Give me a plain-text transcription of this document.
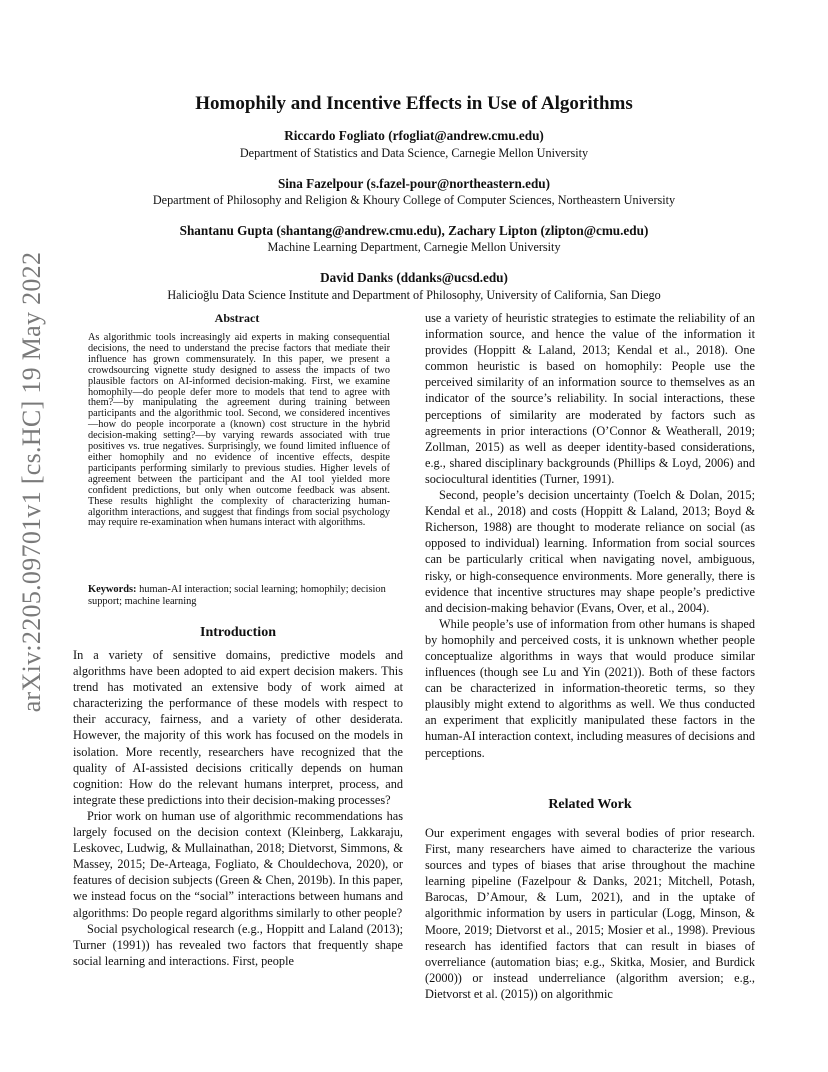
arXiv:2205.09701v1 [cs.HC] 19 May 2022
Homophily and Incentive Effects in Use of Algorithms
Riccardo Fogliato (rfogliat@andrew.cmu.edu)
Department of Statistics and Data Science, Carnegie Mellon University
Sina Fazelpour (s.fazel-pour@northeastern.edu)
Department of Philosophy and Religion & Khoury College of Computer Sciences, Northeastern University
Shantanu Gupta (shantang@andrew.cmu.edu), Zachary Lipton (zlipton@cmu.edu)
Machine Learning Department, Carnegie Mellon University
David Danks (ddanks@ucsd.edu)
Halicioğlu Data Science Institute and Department of Philosophy, University of California, San Diego
Abstract
As algorithmic tools increasingly aid experts in making consequential decisions, the need to understand the precise factors that mediate their influence has grown commensurately. In this paper, we present a crowdsourcing vignette study designed to assess the impacts of two plausible factors on AI-informed decision-making. First, we examine homophily—do people defer more to models that tend to agree with them?—by manipulating the agreement during training between participants and the algorithmic tool. Second, we considered incentives—how do people incorporate a (known) cost structure in the hybrid decision-making setting?—by varying rewards associated with true positives vs. true negatives. Surprisingly, we found limited influence of either homophily and no evidence of incentive effects, despite participants performing similarly to previous studies. Higher levels of agreement between the participant and the AI tool yielded more confident predictions, but only when outcome feedback was absent. These results highlight the complexity of characterizing human-algorithm interactions, and suggest that findings from social psychology may require re-examination when humans interact with algorithms.
Keywords: human-AI interaction; social learning; homophily; decision support; machine learning
Introduction

In a variety of sensitive domains, predictive models and algorithms have been adopted to aid expert decision makers. This trend has motivated an extensive body of work aimed at characterizing the performance of these models with respect to their accuracy, fairness, and a variety of other desiderata. However, the majority of this work has focused on the models in isolation. More recently, researchers have recognized that the quality of AI-assisted decisions critically depends on human cognition: How do the relevant humans interpret, process, and integrate these predictions into their decision-making processes?

Prior work on human use of algorithmic recommendations has largely focused on the decision context (Kleinberg, Lakkaraju, Leskovec, Ludwig, & Mullainathan, 2018; Dietvorst, Simmons, & Massey, 2015; De-Arteaga, Fogliato, & Chouldechova, 2020), or features of decision subjects (Green & Chen, 2019b). In this paper, we instead focus on the “social” interactions between humans and algorithms: Do people regard algorithms similarly to other people?

Social psychological research (e.g., Hoppitt and Laland (2013); Turner (1991)) has revealed two factors that frequently shape social learning and interactions. First, people

use a variety of heuristic strategies to estimate the reliability of an information source, and hence the value of the information it provides (Hoppitt & Laland, 2013; Kendal et al., 2018). One common heuristic is based on homophily: People use the perceived similarity of an information source to themselves as an indicator of the source’s reliability. In social interactions, these perceptions of similarity are moderated by factors such as agreements in prior interactions (O’Connor & Weatherall, 2019; Zollman, 2015) as well as deeper identity-based considerations, e.g., shared disciplinary backgrounds (Phillips & Loyd, 2006) and sociocultural identities (Turner, 1991).

Second, people’s decision uncertainty (Toelch & Dolan, 2015; Kendal et al., 2018) and costs (Hoppitt & Laland, 2013; Boyd & Richerson, 1988) are thought to moderate reliance on social (as opposed to individual) learning. Information from social sources can be particularly critical when navigating novel, ambiguous, risky, or high-consequence environments. More generally, there is evidence that incentive structures may shape people’s predictive and decision-making behavior (Evans, Over, et al., 2004).

While people’s use of information from other humans is shaped by homophily and perceived costs, it is unknown whether people conceptualize algorithms in ways that would produce similar influences (though see Lu and Yin (2021)). Both of these factors can be characterized in information-theoretic terms, so they plausibly might extend to algorithms as well. We thus conducted an experiment that explicitly manipulated these factors in the human-AI interaction context, including measures of decisions and perceptions.

Related Work

Our experiment engages with several bodies of prior research. First, many researchers have aimed to characterize the various sources and types of biases that arise throughout the machine learning pipeline (Fazelpour & Danks, 2021; Mitchell, Potash, Barocas, D’Amour, & Lum, 2021), and in the uptake of algorithmic information by users in particular (Logg, Minson, & Moore, 2019; Dietvorst et al., 2015; Mosier et al., 1998). Previous research has identified factors that can result in biases of overreliance (automation bias; e.g., Skitka, Mosier, and Burdick (2000)) or instead underreliance (algorithm aversion; e.g., Dietvorst et al. (2015)) on algorithmic
